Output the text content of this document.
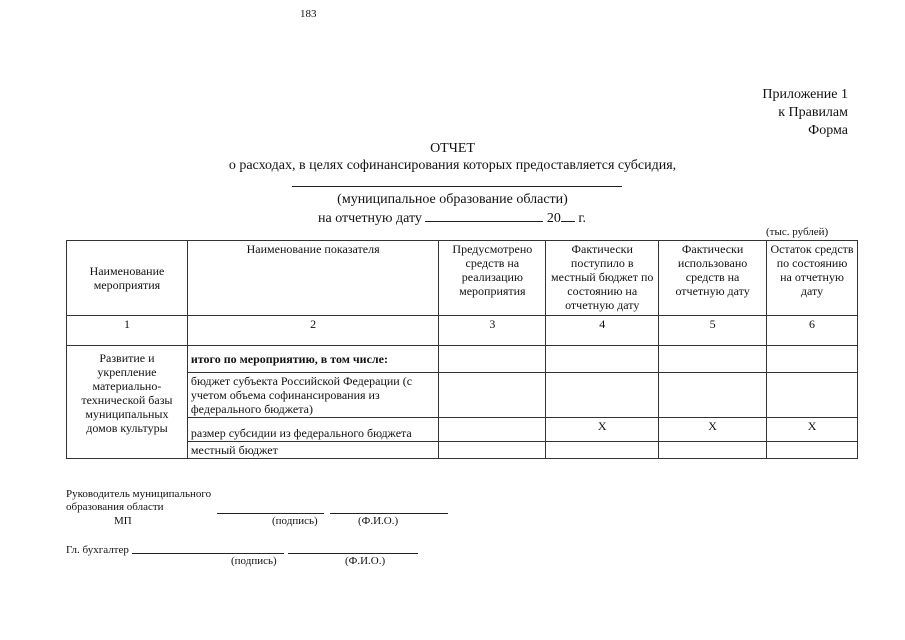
183
Приложение 1
к Правилам
Форма
ОТЧЕТ
о расходах, в целях софинансирования которых предоставляется субсидия,
(муниципальное образование области)
на отчетную дату	20 г.
(тыс. рублей)
Наименование мероприятия	Наименование показателя	Предусмотрено средств на реализацию мероприятия	Фактически поступило в местный бюджет по состоянию на отчетную дату	Фактически использовано средств на отчетную дату	Остаток средств по состоянию на отчетную дату
1	2	3	4	5	6
Развитие и укрепление материально-технической базы муниципальных домов культуры	итого по мероприятию, в том числе:				
	бюджет субъекта Российской Федерации (с учетом объема софинансирования из федерального бюджета)				
	размер субсидии из федерального бюджета		X	X	X
	местный бюджет				
Руководитель муниципального
образования области
МП	(подпись)	(Ф.И.О.)
Гл. бухгалтер
(подпись)	(Ф.И.О.)
